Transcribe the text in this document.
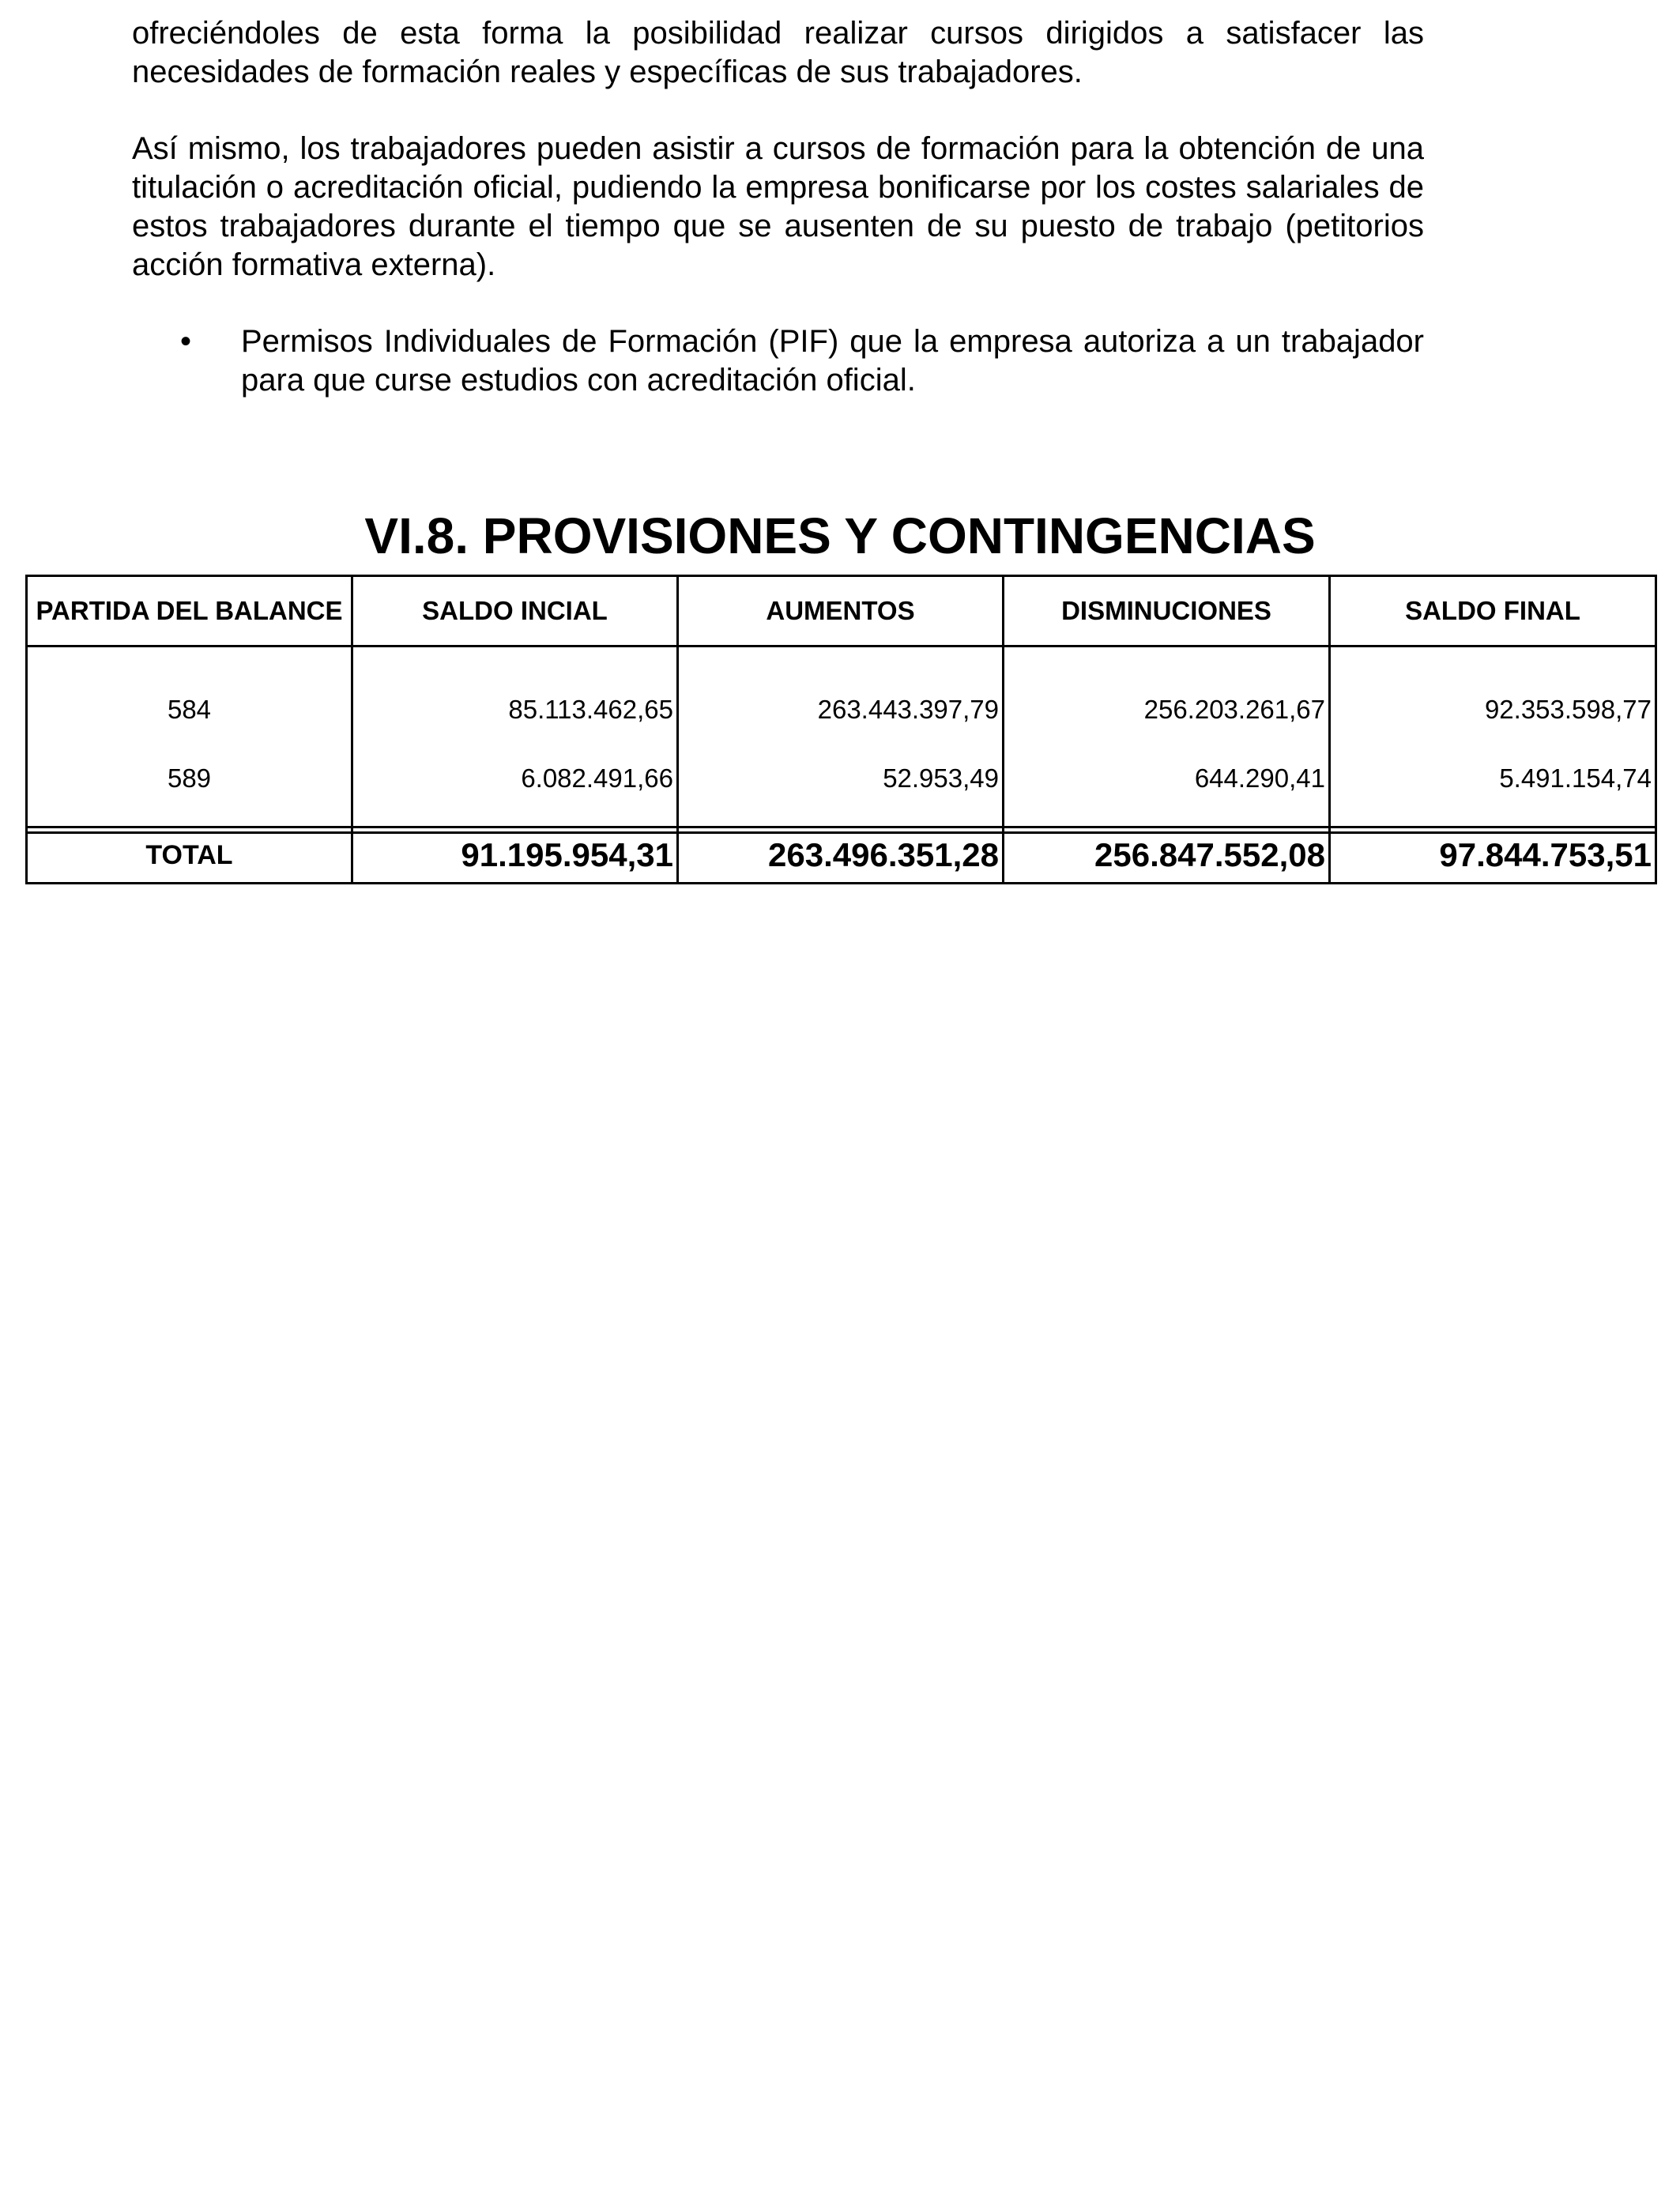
ofreciéndoles de esta forma la posibilidad realizar cursos dirigidos a satisfacer las necesidades de formación reales y específicas de sus trabajadores.

Así mismo, los trabajadores pueden asistir a cursos de formación para la obtención de una titulación o acreditación oficial, pudiendo la empresa bonificarse por los costes salariales de estos trabajadores durante el tiempo que se ausenten de su puesto de trabajo (petitorios acción formativa externa).

•	Permisos Individuales de Formación (PIF) que la empresa autoriza a un trabajador para que curse estudios con acreditación oficial.
VI.8. PROVISIONES Y CONTINGENCIAS
PARTIDA DEL BALANCE	SALDO INCIAL	AUMENTOS	DISMINUCIONES	SALDO FINAL
584	85.113.462,65	263.443.397,79	256.203.261,67	92.353.598,77
589	6.082.491,66	52.953,49	644.290,41	5.491.154,74
TOTAL	91.195.954,31	263.496.351,28	256.847.552,08	97.844.753,51
